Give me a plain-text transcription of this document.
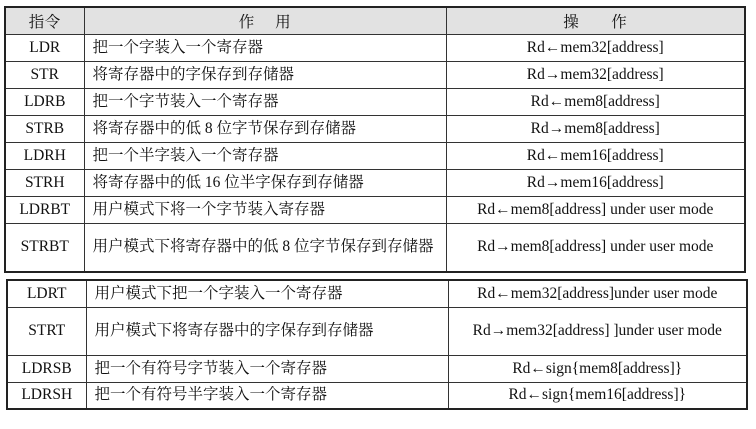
指令	作　 用	操　　作
LDR	把一个字装入一个寄存器	Rd←mem32[address]
STR	将寄存器中的字保存到存储器	Rd→mem32[address]
LDRB	把一个字节装入一个寄存器	Rd←mem8[address]
STRB	将寄存器中的低 8 位字节保存到存储器	Rd→mem8[address]
LDRH	把一个半字装入一个寄存器	Rd←mem16[address]
STRH	将寄存器中的低 16 位半字保存到存储器	Rd→mem16[address]
LDRBT	用户模式下将一个字节装入寄存器	Rd←mem8[address] under user mode
STRBT	用户模式下将寄存器中的低 8 位字节保存到存储器	Rd→mem8[address] under user mode
LDRT	用户模式下把一个字装入一个寄存器	Rd←mem32[address]under user mode
STRT	用户模式下将寄存器中的字保存到存储器	Rd→mem32[address] ]under user mode
LDRSB	把一个有符号字节装入一个寄存器	Rd←sign{mem8[address]}
LDRSH	把一个有符号半字装入一个寄存器	Rd←sign{mem16[address]}
